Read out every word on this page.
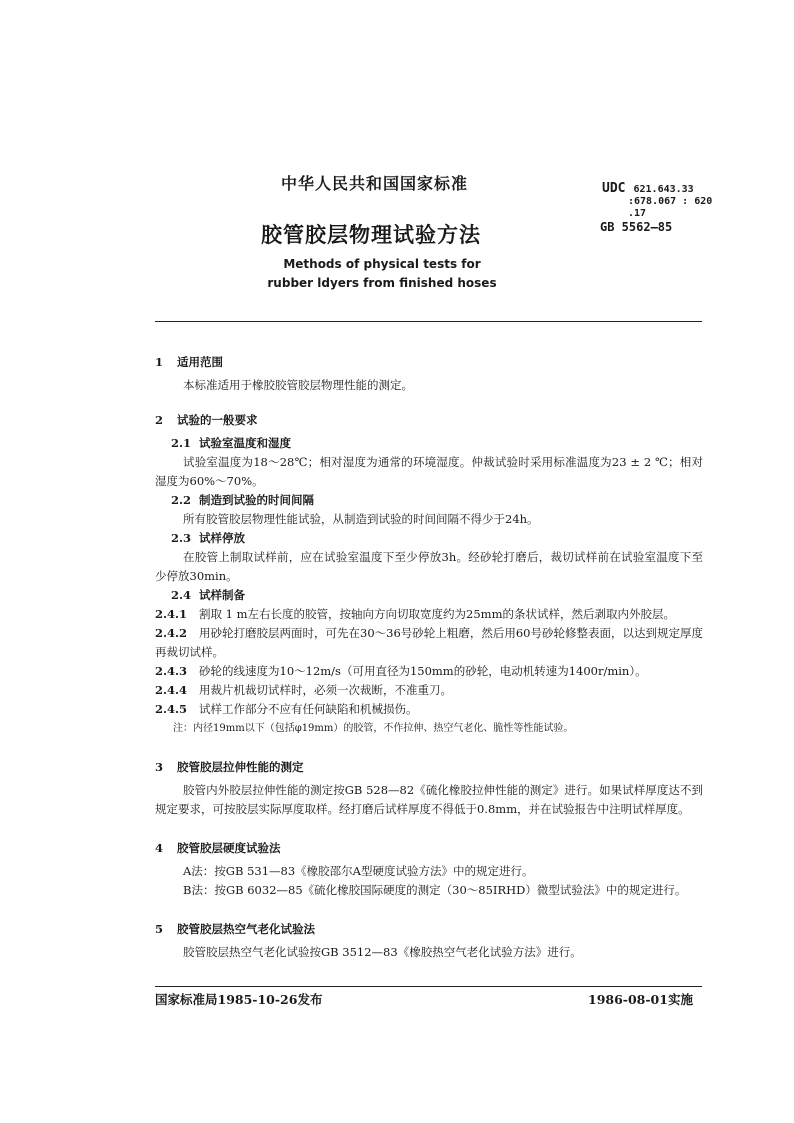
中华人民共和国国家标准	UDC 621.643.33
:678.067 : 620
.17
胶管胶层物理试验方法	GB 5562—85
Methods of physical tests for
rubber ldyers from finished hoses
1 适用范围
本标准适用于橡胶胶管胶层物理性能的测定。
2 试验的一般要求
2.1 试验室温度和湿度
试验室温度为18～28℃；相对湿度为通常的环境湿度。仲裁试验时采用标准温度为23 ± 2 ℃；相对湿度为60%～70%。
2.2 制造到试验的时间间隔
所有胶管胶层物理性能试验，从制造到试验的时间间隔不得少于24h。
2.3 试样停放
在胶管上制取试样前，应在试验室温度下至少停放3h。经砂轮打磨后，裁切试样前在试验室温度下至少停放30min。
2.4 试样制备
2.4.1 割取 1 m左右长度的胶管，按轴向方向切取宽度约为25mm的条状试样，然后剥取内外胶层。
2.4.2 用砂轮打磨胶层两面时，可先在30～36号砂轮上粗磨，然后用60号砂轮修整表面，以达到规定厚度再裁切试样。
2.4.3 砂轮的线速度为10～12m/s（可用直径为150mm的砂轮，电动机转速为1400r/min）。
2.4.4 用裁片机裁切试样时，必须一次裁断，不准重刀。
2.4.5 试样工作部分不应有任何缺陷和机械损伤。
注：内径19mm以下（包括φ19mm）的胶管，不作拉伸、热空气老化、脆性等性能试验。
3 胶管胶层拉伸性能的测定
胶管内外胶层拉伸性能的测定按GB 528—82《硫化橡胶拉伸性能的测定》进行。如果试样厚度达不到规定要求，可按胶层实际厚度取样。经打磨后试样厚度不得低于0.8mm，并在试验报告中注明试样厚度。
4 胶管胶层硬度试验法
A法：按GB 531—83《橡胶邵尔A型硬度试验方法》中的规定进行。
B法：按GB 6032—85《硫化橡胶国际硬度的测定（30～85IRHD）微型试验法》中的规定进行。
5 胶管胶层热空气老化试验法
胶管胶层热空气老化试验按GB 3512—83《橡胶热空气老化试验方法》进行。
国家标准局1985-10-26发布	1986-08-01实施
